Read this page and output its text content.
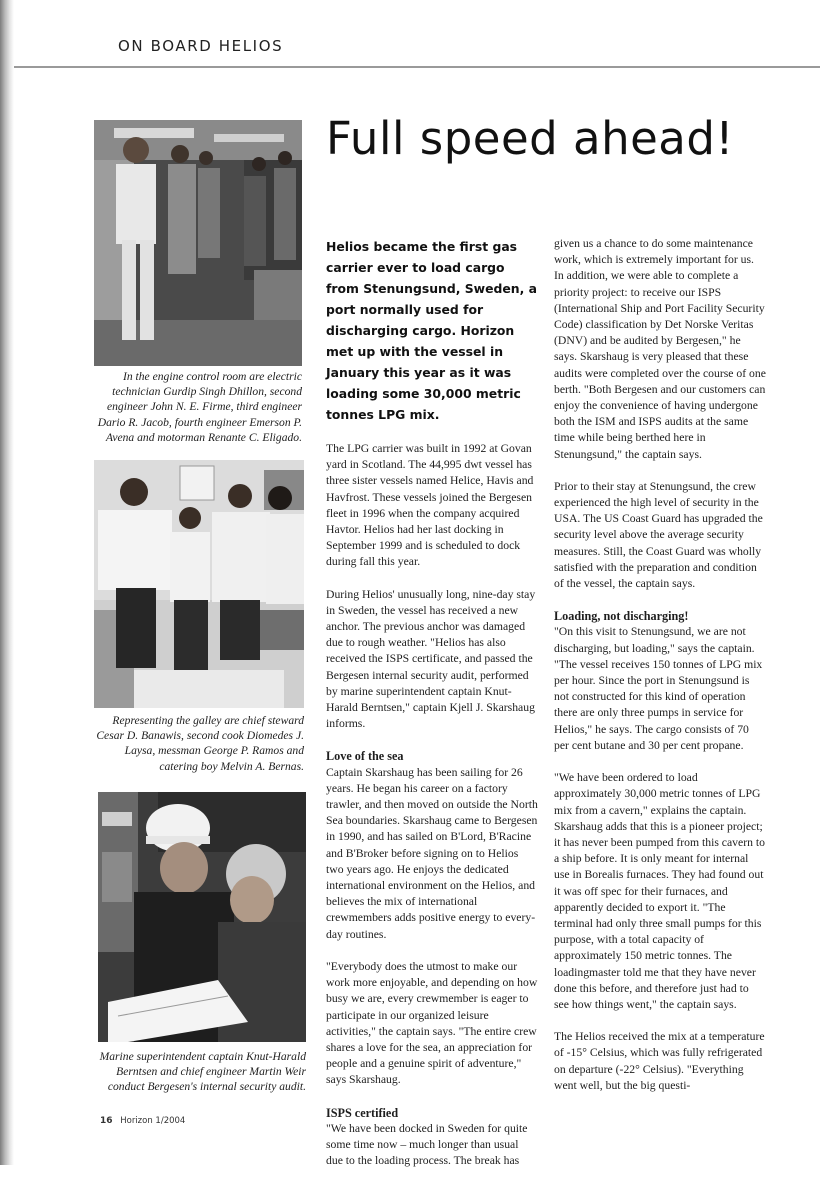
ON BOARD HELIOS

In the engine control room are electric technician Gurdip Singh Dhillon, second engineer John N. E. Firme, third engineer Dario R. Jacob, fourth engineer Emerson P. Avena and motorman Renante C. Eligado.

Representing the galley are chief steward Cesar D. Banawis, second cook Diomedes J. Laysa, messman George P. Ramos and catering boy Melvin A. Bernas.

Marine superintendent captain Knut-Harald Berntsen and chief engineer Martin Weir conduct Bergesen's internal security audit.

Full speed ahead!

Helios became the first gas carrier ever to load cargo from Stenungsund, Sweden, a port normally used for discharging cargo. Horizon met up with the vessel in January this year as it was loading some 30,000 metric tonnes LPG mix.

The LPG carrier was built in 1992 at Govan yard in Scotland. The 44,995 dwt vessel has three sister vessels named Helice, Havis and Havfrost. These vessels joined the Bergesen fleet in 1996 when the company acquired Havtor. Helios had her last docking in September 1999 and is scheduled to dock during fall this year.

During Helios' unusually long, nine-day stay in Sweden, the vessel has received a new anchor. The previous anchor was damaged due to rough weather. "Helios has also received the ISPS certificate, and passed the Bergesen internal security audit, performed by marine superintendent captain Knut-Harald Berntsen," captain Kjell J. Skarshaug informs.

Love of the sea

Captain Skarshaug has been sailing for 26 years. He began his career on a factory trawler, and then moved on outside the North Sea boundaries. Skarshaug came to Bergesen in 1990, and has sailed on B'Lord, B'Racine and B'Broker before signing on to Helios two years ago. He enjoys the dedicated international environment on the Helios, and believes the mix of international crewmembers adds positive energy to every-day routines.

"Everybody does the utmost to make our work more enjoyable, and depending on how busy we are, every crewmember is eager to participate in our organized leisure activities," the captain says. "The entire crew shares a love for the sea, an appreciation for people and a genuine spirit of adventure," says Skarshaug.

ISPS certified

"We have been docked in Sweden for quite some time now – much longer than usual due to the loading process. The break has

given us a chance to do some maintenance work, which is extremely important for us. In addition, we were able to complete a priority project: to receive our ISPS (International Ship and Port Facility Security Code) classification by Det Norske Veritas (DNV) and be audited by Bergesen," he says. Skarshaug is very pleased that these audits were completed over the course of one berth. "Both Bergesen and our customers can enjoy the convenience of having undergone both the ISM and ISPS audits at the same time while being berthed here in Stenungsund," the captain says.

Prior to their stay at Stenungsund, the crew experienced the high level of security in the USA. The US Coast Guard has upgraded the security level above the average security measures. Still, the Coast Guard was wholly satisfied with the preparation and condition of the vessel, the captain says.

Loading, not discharging!

"On this visit to Stenungsund, we are not discharging, but loading," says the captain. "The vessel receives 150 tonnes of LPG mix per hour. Since the port in Stenungsund is not constructed for this kind of operation there are only three pumps in service for Helios," he says. The cargo consists of 70 per cent butane and 30 per cent propane.

"We have been ordered to load approximately 30,000 metric tonnes of LPG mix from a cavern," explains the captain. Skarshaug adds that this is a pioneer project; it has never been pumped from this cavern to a ship before. It is only meant for internal use in Borealis furnaces. They had found out it was off spec for their furnaces, and apparently decided to export it. "The terminal had only three small pumps for this purpose, with a total capacity of approximately 150 metric tonnes. The loadingmaster told me that they have never done this before, and therefore just had to see how things went," the captain says.

The Helios received the mix at a temperature of -15° Celsius, which was fully refrigerated on departure (-22° Celsius). "Everything went well, but the big questi-

16 Horizon 1/2004
